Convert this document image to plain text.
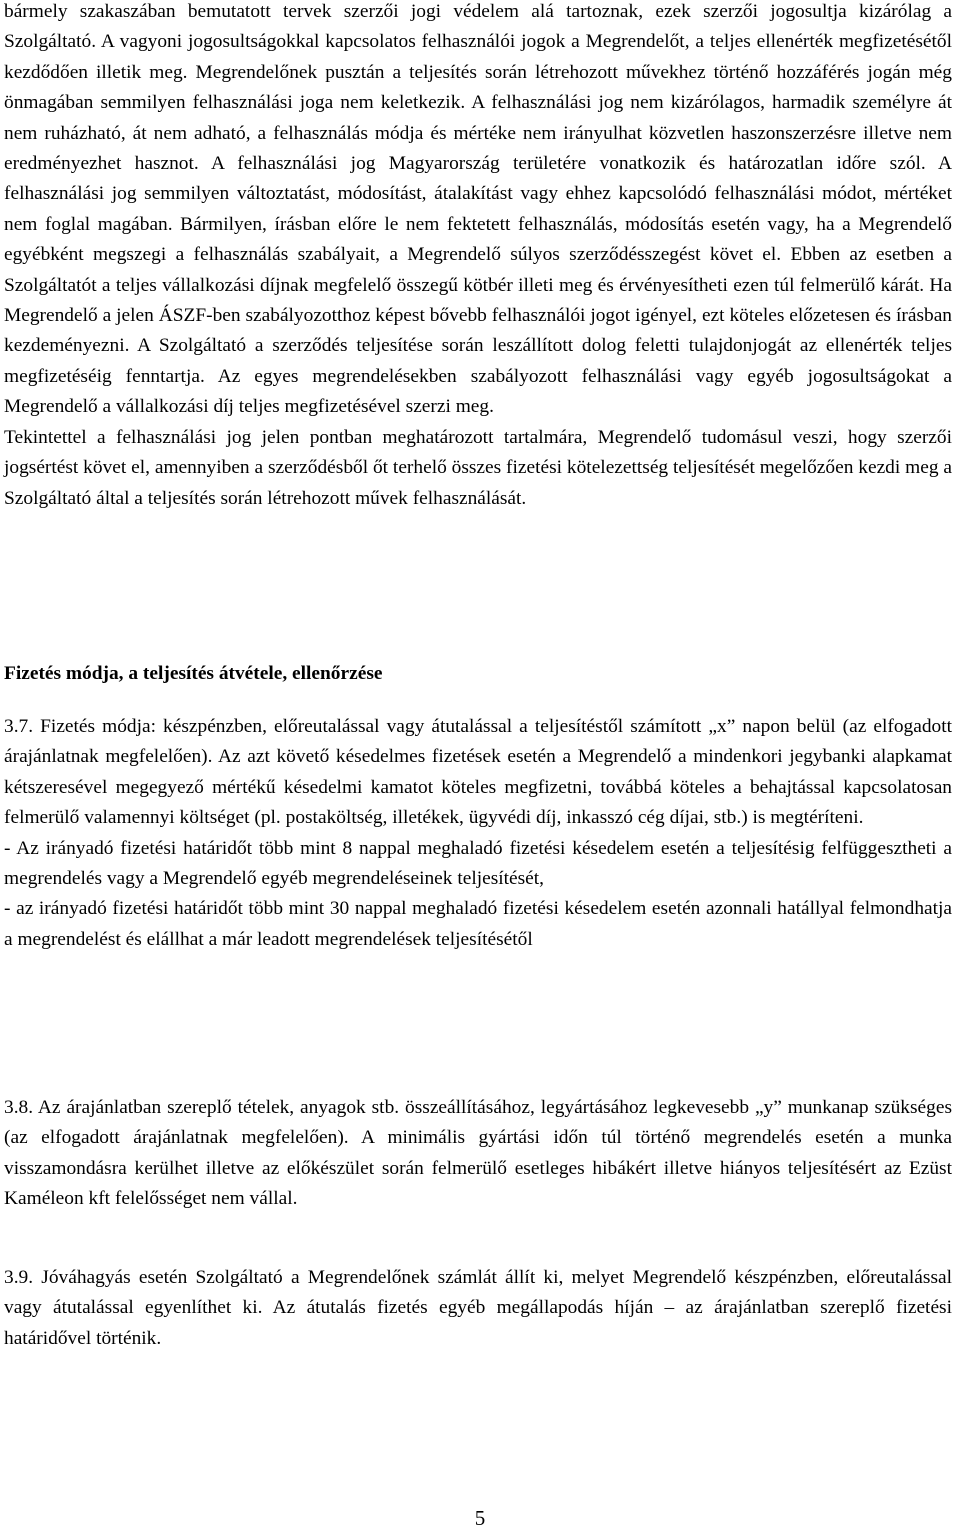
bármely szakaszában bemutatott tervek szerzői jogi védelem alá tartoznak, ezek szerzői jogosultja kizárólag a Szolgáltató. A vagyoni jogosultságokkal kapcsolatos felhasználói jogok a Megrendelőt, a teljes ellenérték megfizetésétől kezdődően illetik meg. Megrendelőnek pusztán a teljesítés során létrehozott művekhez történő hozzáférés jogán még önmagában semmilyen felhasználási joga nem keletkezik. A felhasználási jog nem kizárólagos, harmadik személyre át nem ruházható, át nem adható, a felhasználás módja és mértéke nem irányulhat közvetlen haszonszerzésre illetve nem eredményezhet hasznot. A felhasználási jog Magyarország területére vonatkozik és határozatlan időre szól. A felhasználási jog semmilyen változtatást, módosítást, átalakítást vagy ehhez kapcsolódó felhasználási módot, mértéket nem foglal magában. Bármilyen, írásban előre le nem fektetett felhasználás, módosítás esetén vagy, ha a Megrendelő egyébként megszegi a felhasználás szabályait, a Megrendelő súlyos szerződésszegést követ el. Ebben az esetben a Szolgáltatót a teljes vállalkozási díjnak megfelelő összegű kötbér illeti meg és érvényesítheti ezen túl felmerülő kárát. Ha Megrendelő a jelen ÁSZF-ben szabályozotthoz képest bővebb felhasználói jogot igényel, ezt köteles előzetesen és írásban kezdeményezni. A Szolgáltató a szerződés teljesítése során leszállított dolog feletti tulajdonjogát az ellenérték teljes megfizetéséig fenntartja. Az egyes megrendelésekben szabályozott felhasználási vagy egyéb jogosultságokat a Megrendelő a vállalkozási díj teljes megfizetésével szerzi meg.

Tekintettel a felhasználási jog jelen pontban meghatározott tartalmára, Megrendelő tudomásul veszi, hogy szerzői jogsértést követ el, amennyiben a szerződésből őt terhelő összes fizetési kötelezettség teljesítését megelőzően kezdi meg a Szolgáltató által a teljesítés során létrehozott művek felhasználását.

Fizetés módja, a teljesítés átvétele, ellenőrzése

3.7. Fizetés módja: készpénzben, előreutalással vagy átutalással a teljesítéstől számított „x” napon belül (az elfogadott árajánlatnak megfelelően). Az azt követő késedelmes fizetések esetén a Megrendelő a mindenkori jegybanki alapkamat kétszeresével megegyező mértékű késedelmi kamatot köteles megfizetni, továbbá köteles a behajtással kapcsolatosan felmerülő valamennyi költséget (pl. postaköltség, illetékek, ügyvédi díj, inkasszó cég díjai, stb.) is megtéríteni.

- Az irányadó fizetési határidőt több mint 8 nappal meghaladó fizetési késedelem esetén a teljesítésig felfüggesztheti a megrendelés vagy a Megrendelő egyéb megrendeléseinek teljesítését,

- az irányadó fizetési határidőt több mint 30 nappal meghaladó fizetési késedelem esetén azonnali hatállyal felmondhatja a megrendelést és elállhat a már leadott megrendelések teljesítésétől

3.8. Az árajánlatban szereplő tételek, anyagok stb. összeállításához, legyártásához legkevesebb „y” munkanap szükséges (az elfogadott árajánlatnak megfelelően). A minimális gyártási időn túl történő megrendelés esetén a munka visszamondásra kerülhet illetve az előkészület során felmerülő esetleges hibákért illetve hiányos teljesítésért az Ezüst Kaméleon kft felelősséget nem vállal.

3.9. Jóváhagyás esetén Szolgáltató a Megrendelőnek számlát állít ki, melyet Megrendelő készpénzben, előreutalással vagy átutalással egyenlíthet ki. Az átutalás fizetés egyéb megállapodás híján – az árajánlatban szereplő fizetési határidővel történik.

5
